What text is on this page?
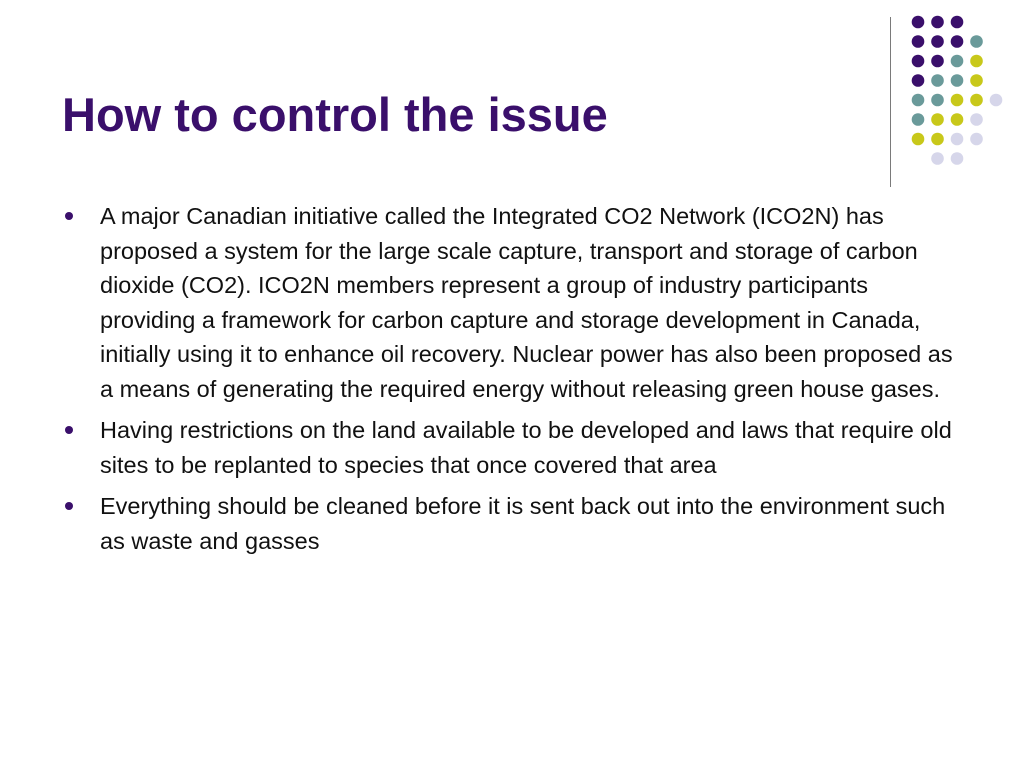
How to control the issue
A major Canadian initiative called the Integrated CO2 Network (ICO2N) has proposed a system for the large scale capture, transport and storage of carbon dioxide (CO2). ICO2N members represent a group of industry participants providing a framework for carbon capture and storage development in Canada, initially using it to enhance oil recovery. Nuclear power has also been proposed as a means of generating the required energy without releasing green house gases.
Having restrictions on the land available to be developed and laws that require old sites to be replanted to species that once covered that area
Everything should be cleaned before it is sent back out into the environment such as waste and gasses
